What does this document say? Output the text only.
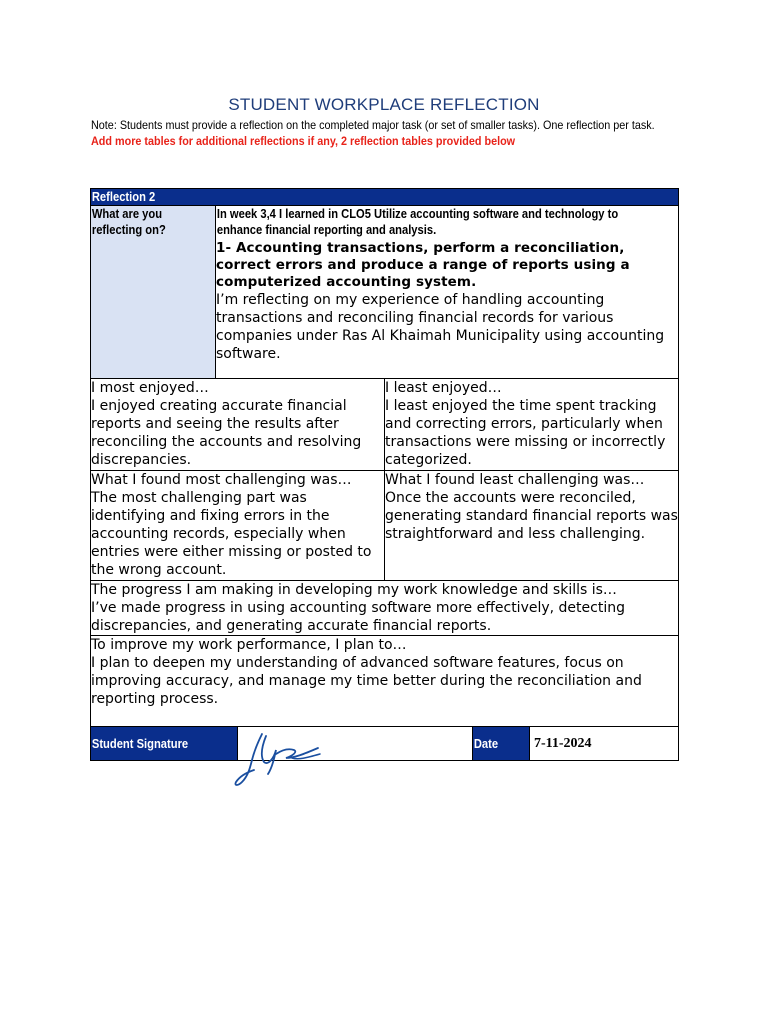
STUDENT WORKPLACE REFLECTION
Note: Students must provide a reflection on the completed major task (or set of smaller tasks). One reflection per task. Add more tables for additional reflections if any, 2 reflection tables provided below
Reflection 2
What are you reflecting on?
In week 3,4 I learned in CLO5 Utilize accounting software and technology to enhance financial reporting and analysis.
1- Accounting transactions, perform a reconciliation, correct errors and produce a range of reports using a computerized accounting system.
I’m reflecting on my experience of handling accounting transactions and reconciling financial records for various companies under Ras Al Khaimah Municipality using accounting software.
I most enjoyed…
I enjoyed creating accurate financial reports and seeing the results after reconciling the accounts and resolving discrepancies.
I least enjoyed…
I least enjoyed the time spent tracking and correcting errors, particularly when transactions were missing or incorrectly categorized.
What I found most challenging was…
The most challenging part was identifying and fixing errors in the accounting records, especially when entries were either missing or posted to the wrong account.
What I found least challenging was…
Once the accounts were reconciled, generating standard financial reports was straightforward and less challenging.
The progress I am making in developing my work knowledge and skills is…
I’ve made progress in using accounting software more effectively, detecting discrepancies, and generating accurate financial reports.
To improve my work performance, I plan to…
I plan to deepen my understanding of advanced software features, focus on improving accuracy, and manage my time better during the reconciliation and reporting process.
Student Signature	Date	7-11-2024
